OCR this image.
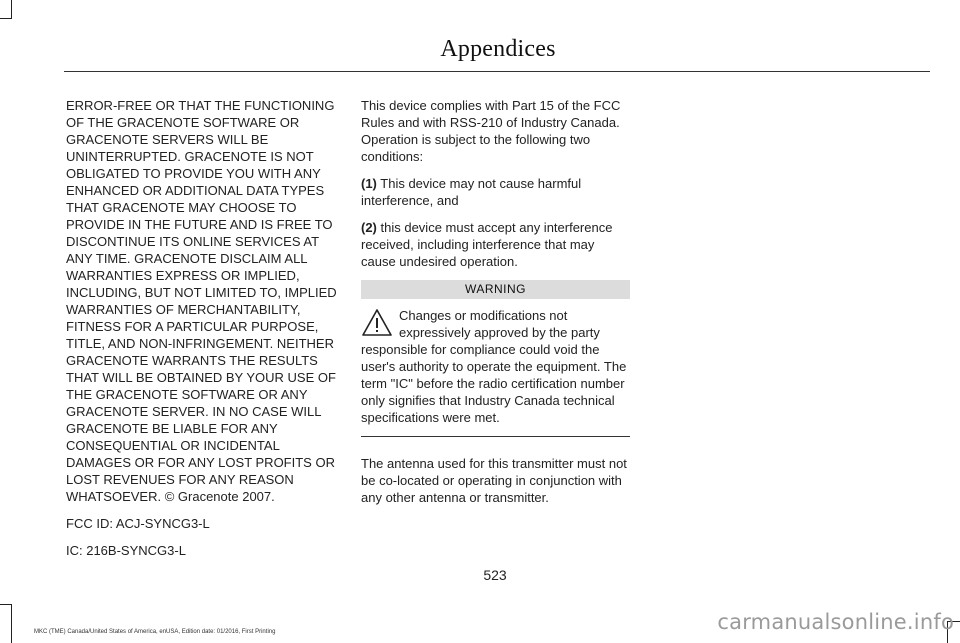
Appendices

ERROR-FREE OR THAT THE FUNCTIONING OF THE GRACENOTE SOFTWARE OR GRACENOTE SERVERS WILL BE UNINTERRUPTED. GRACENOTE IS NOT OBLIGATED TO PROVIDE YOU WITH ANY ENHANCED OR ADDITIONAL DATA TYPES THAT GRACENOTE MAY CHOOSE TO PROVIDE IN THE FUTURE AND IS FREE TO DISCONTINUE ITS ONLINE SERVICES AT ANY TIME. GRACENOTE DISCLAIM ALL WARRANTIES EXPRESS OR IMPLIED, INCLUDING, BUT NOT LIMITED TO, IMPLIED WARRANTIES OF MERCHANTABILITY, FITNESS FOR A PARTICULAR PURPOSE, TITLE, AND NON-INFRINGEMENT. NEITHER GRACENOTE WARRANTS THE RESULTS THAT WILL BE OBTAINED BY YOUR USE OF THE GRACENOTE SOFTWARE OR ANY GRACENOTE SERVER. IN NO CASE WILL GRACENOTE BE LIABLE FOR ANY CONSEQUENTIAL OR INCIDENTAL DAMAGES OR FOR ANY LOST PROFITS OR LOST REVENUES FOR ANY REASON WHATSOEVER. © Gracenote 2007.

FCC ID: ACJ-SYNCG3-L

IC: 216B-SYNCG3-L

This device complies with Part 15 of the FCC Rules and with RSS-210 of Industry Canada. Operation is subject to the following two conditions:

(1) This device may not cause harmful interference, and

(2) this device must accept any interference received, including interference that may cause undesired operation.

WARNING

Changes or modifications not expressively approved by the party responsible for compliance could void the user's authority to operate the equipment. The term "IC" before the radio certification number only signifies that Industry Canada technical specifications were met.

The antenna used for this transmitter must not be co-located or operating in conjunction with any other antenna or transmitter.

523
MKC (TME) Canada/United States of America, enUSA, Edition date: 01/2016, First Printing	carmanualsonline.info
